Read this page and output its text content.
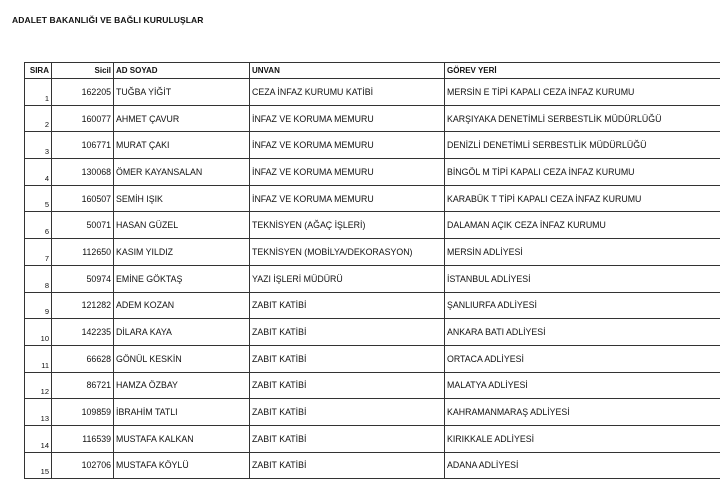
ADALET BAKANLIĞI VE BAĞLI KURULUŞLAR
SIRA	Sicil	AD SOYAD	UNVAN	GÖREV YERİ
1	162205	TUĞBA YİĞİT	CEZA İNFAZ KURUMU KATİBİ	MERSİN E TİPİ KAPALI CEZA İNFAZ KURUMU
2	160077	AHMET ÇAVUR	İNFAZ VE KORUMA MEMURU	KARŞIYAKA DENETİMLİ SERBESTLİK MÜDÜRLÜĞÜ
3	106771	MURAT ÇAKI	İNFAZ VE KORUMA MEMURU	DENİZLİ DENETİMLİ SERBESTLİK MÜDÜRLÜĞÜ
4	130068	ÖMER KAYANSALAN	İNFAZ VE KORUMA MEMURU	BİNGÖL M TİPİ KAPALI CEZA İNFAZ KURUMU
5	160507	SEMİH IŞIK	İNFAZ VE KORUMA MEMURU	KARABÜK T TİPİ KAPALI CEZA İNFAZ KURUMU
6	50071	HASAN GÜZEL	TEKNİSYEN (AĞAÇ İŞLERİ)	DALAMAN AÇIK CEZA İNFAZ KURUMU
7	112650	KASIM YILDIZ	TEKNİSYEN (MOBİLYA/DEKORASYON)	MERSİN ADLİYESİ
8	50974	EMİNE GÖKTAŞ	YAZI İŞLERİ MÜDÜRÜ	İSTANBUL ADLİYESİ
9	121282	ADEM KOZAN	ZABIT KATİBİ	ŞANLIURFA ADLİYESİ
10	142235	DİLARA KAYA	ZABIT KATİBİ	ANKARA BATI ADLİYESİ
11	66628	GÖNÜL KESKİN	ZABIT KATİBİ	ORTACA ADLİYESİ
12	86721	HAMZA ÖZBAY	ZABIT KATİBİ	MALATYA ADLİYESİ
13	109859	İBRAHİM TATLI	ZABIT KATİBİ	KAHRAMANMARAŞ ADLİYESİ
14	116539	MUSTAFA KALKAN	ZABIT KATİBİ	KIRIKKALE ADLİYESİ
15	102706	MUSTAFA KÖYLÜ	ZABIT KATİBİ	ADANA ADLİYESİ
